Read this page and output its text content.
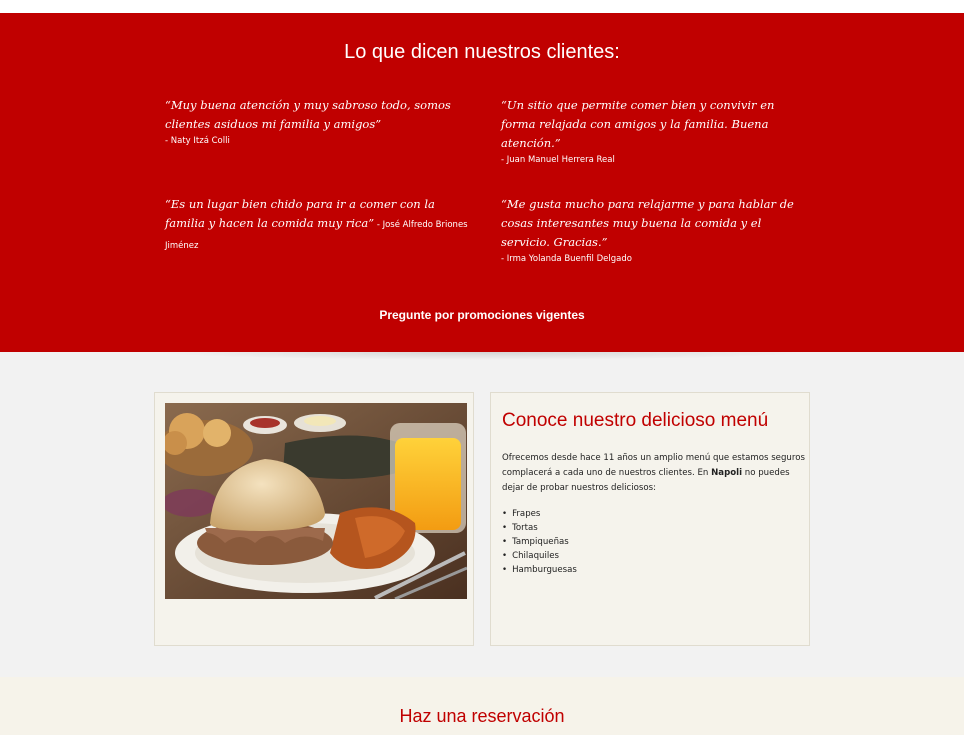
Lo que dicen nuestros clientes:
“Muy buena atención y muy sabroso todo, somos clientes asiduos mi familia y amigos”
- Naty Itzá Colli
“Un sitio que permite comer bien y convivir en forma relajada con amigos y la familia. Buena atención.”
- Juan Manuel Herrera Real
“Es un lugar bien chido para ir a comer con la familia y hacen la comida muy rica” - José Alfredo Briones Jiménez
“Me gusta mucho para relajarme y para hablar de cosas interesantes muy buena la comida y el servicio. Gracias.”
- Irma Yolanda Buenfil Delgado
Pregunte por promociones vigentes
Conoce nuestro delicioso menú

Ofrecemos desde hace 11 años un amplio menú que estamos seguros complacerá a cada uno de nuestros clientes. En Napoli no puedes dejar de probar nuestros deliciosos:

• Frapes
• Tortas
• Tampiqueñas
• Chilaquiles
• Hamburguesas
Haz una reservación
